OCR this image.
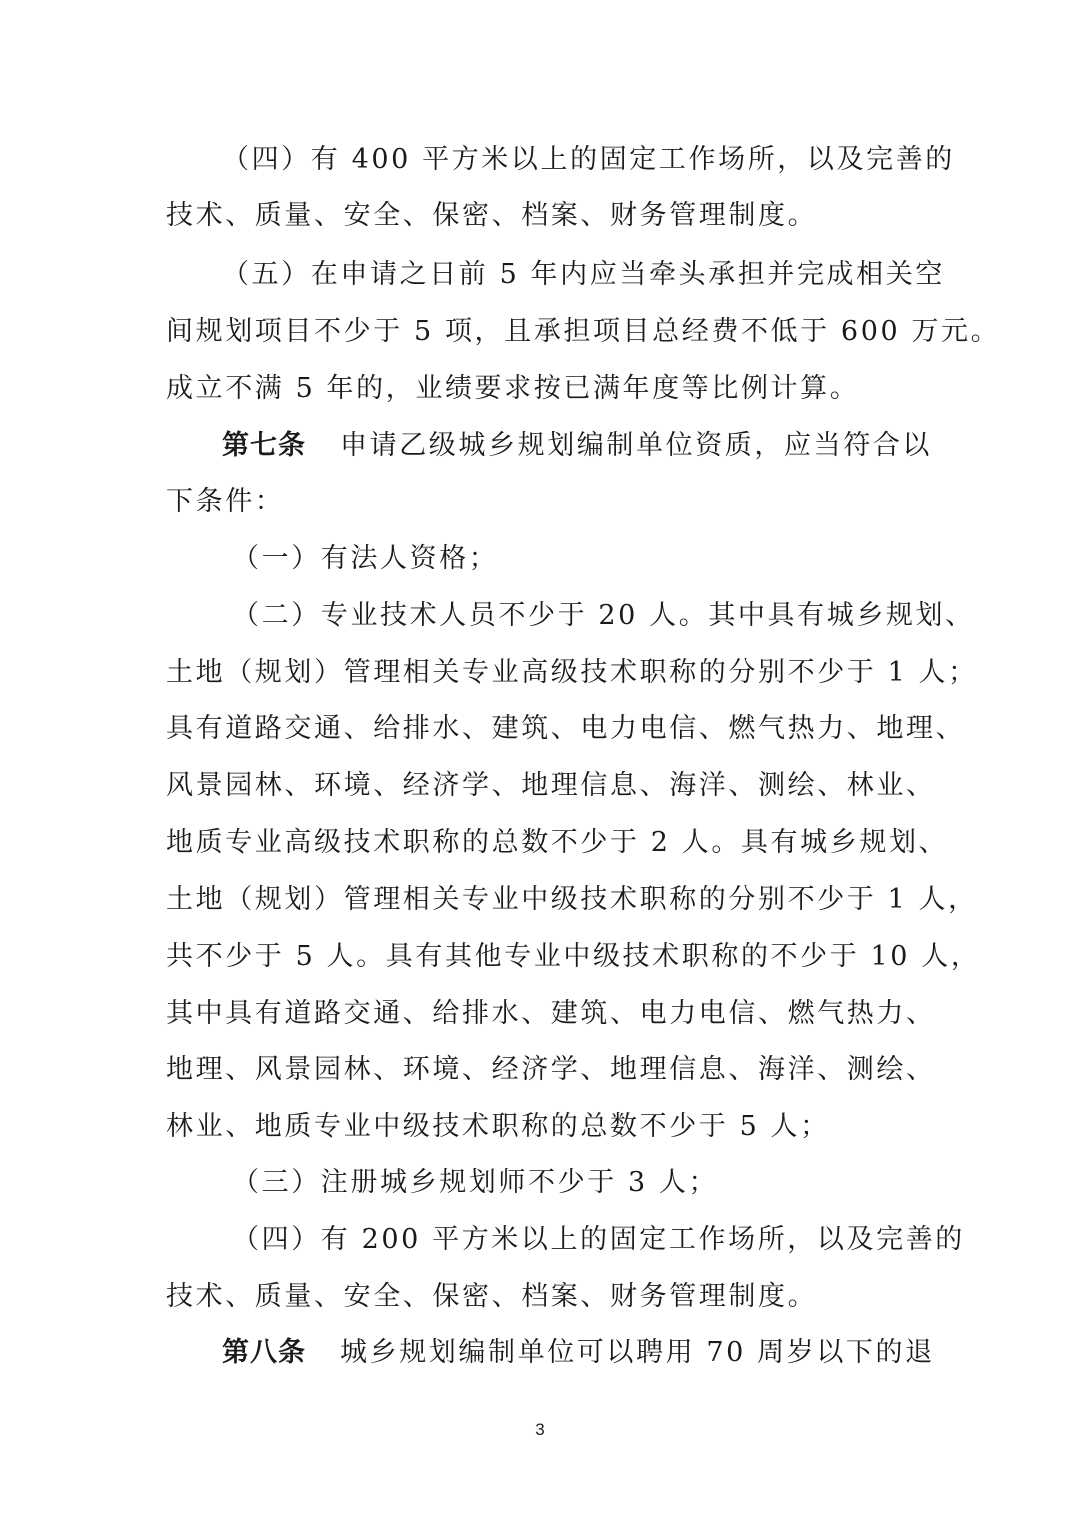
（四）有 400 平方米以上的固定工作场所，以及完善的
技术、质量、安全、保密、档案、财务管理制度。
（五）在申请之日前 5 年内应当牵头承担并完成相关空
间规划项目不少于 5 项，且承担项目总经费不低于 600 万元。
成立不满 5 年的，业绩要求按已满年度等比例计算。
第七条 申请乙级城乡规划编制单位资质，应当符合以
下条件：
（一）有法人资格；
（二）专业技术人员不少于 20 人。其中具有城乡规划、
土地（规划）管理相关专业高级技术职称的分别不少于 1 人；
具有道路交通、给排水、建筑、电力电信、燃气热力、地理、
风景园林、环境、经济学、地理信息、海洋、测绘、林业、
地质专业高级技术职称的总数不少于 2 人。具有城乡规划、
土地（规划）管理相关专业中级技术职称的分别不少于 1 人，
共不少于 5 人。具有其他专业中级技术职称的不少于 10 人，
其中具有道路交通、给排水、建筑、电力电信、燃气热力、
地理、风景园林、环境、经济学、地理信息、海洋、测绘、
林业、地质专业中级技术职称的总数不少于 5 人；
（三）注册城乡规划师不少于 3 人；
（四）有 200 平方米以上的固定工作场所，以及完善的
技术、质量、安全、保密、档案、财务管理制度。
第八条 城乡规划编制单位可以聘用 70 周岁以下的退
3
